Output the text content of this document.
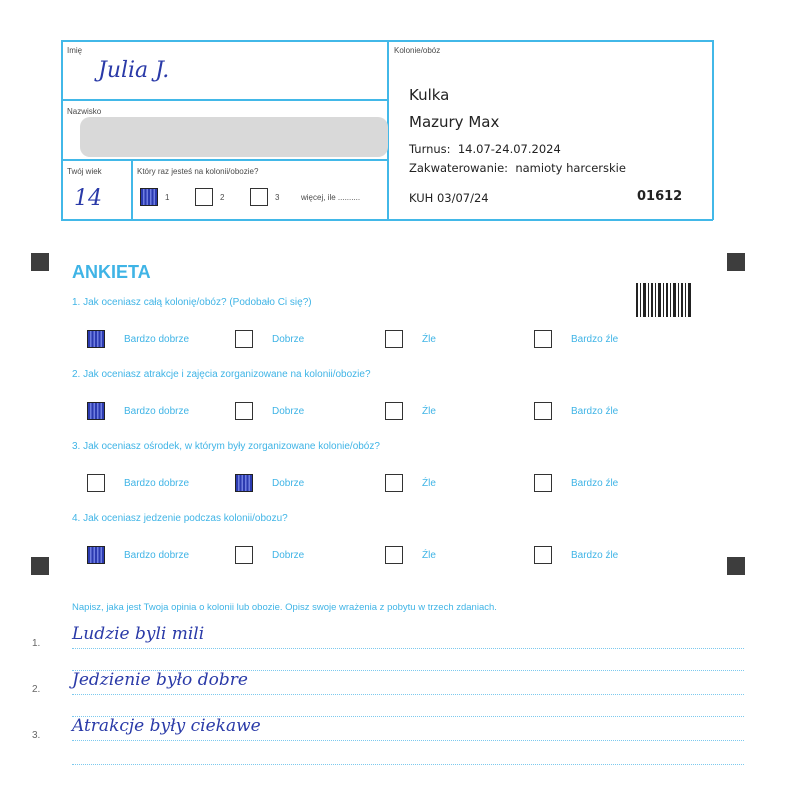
Imię
Julia J.
Nazwisko
Twój wiek
14
Który raz jesteś na kolonii/obozie?
1	2	3	więcej, ile ..........
Kolonie/obóz
Kulka
Mazury Max
Turnus: 14.07-24.07.2024
Zakwaterowanie: namioty harcerskie
KUH 03/07/24	01612
ANKIETA
1. Jak oceniasz całą kolonię/obóz? (Podobało Ci się?)
Bardzo dobrze	Dobrze	Źle	Bardzo źle
2. Jak oceniasz atrakcje i zajęcia zorganizowane na kolonii/obozie?
Bardzo dobrze	Dobrze	Źle	Bardzo źle
3. Jak oceniasz ośrodek, w którym były zorganizowane kolonie/obóz?
Bardzo dobrze	Dobrze	Źle	Bardzo źle
4. Jak oceniasz jedzenie podczas kolonii/obozu?
Bardzo dobrze	Dobrze	Źle	Bardzo źle
Napisz, jaka jest Twoja opinia o kolonii lub obozie. Opisz swoje wrażenia z pobytu w trzech zdaniach.
1. Ludzie byli mili
2. Jedzienie było dobre
3. Atrakcje były ciekawe
